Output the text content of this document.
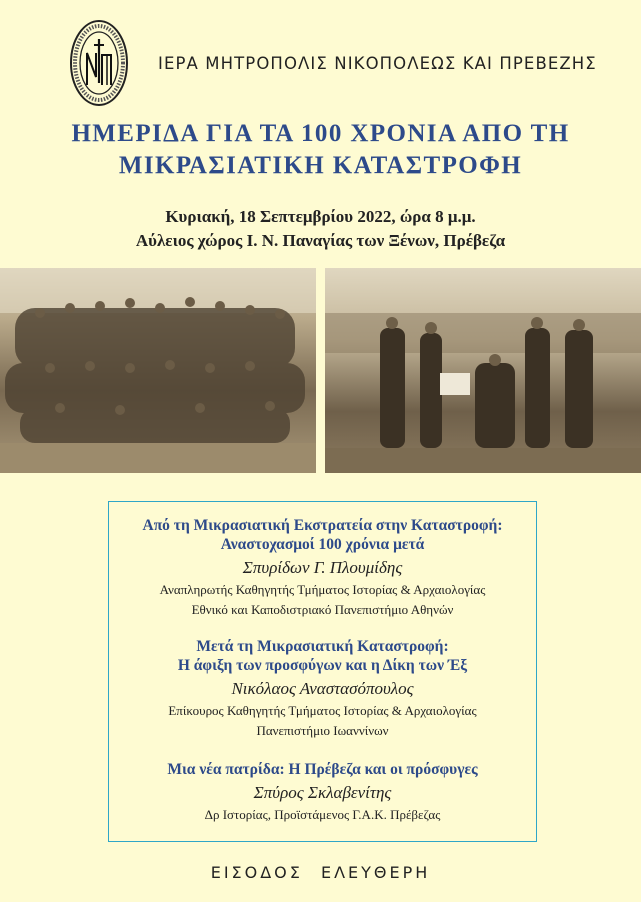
ΙΕΡΑ ΜΗΤΡΟΠΟΛΙΣ ΝΙΚΟΠΟΛΕΩΣ ΚΑΙ ΠΡΕΒΕΖΗΣ
ΗΜΕΡΙΔΑ ΓΙΑ ΤΑ 100 ΧΡΟΝΙΑ ΑΠΟ ΤΗ
ΜΙΚΡΑΣΙΑΤΙΚΗ ΚΑΤΑΣΤΡΟΦΗ
Κυριακή, 18 Σεπτεμβρίου 2022, ώρα 8 μ.μ.
Αύλειος χώρος Ι. Ν. Παναγίας των Ξένων, Πρέβεζα
Από τη Μικρασιατική Εκστρατεία στην Καταστροφή:
Αναστοχασμοί 100 χρόνια μετά
Σπυρίδων Γ. Πλουμίδης
Αναπληρωτής Καθηγητής Τμήματος Ιστορίας & Αρχαιολογίας
Εθνικό και Καποδιστριακό Πανεπιστήμιο Αθηνών
Μετά τη Μικρασιατική Καταστροφή:
Η άφιξη των προσφύγων και η Δίκη των Έξ
Νικόλαος Αναστασόπουλος
Επίκουρος Καθηγητής Τμήματος Ιστορίας & Αρχαιολογίας
Πανεπιστήμιο Ιωαννίνων
Μια νέα πατρίδα: Η Πρέβεζα και οι πρόσφυγες
Σπύρος Σκλαβενίτης
Δρ Ιστορίας, Προϊστάμενος Γ.Α.Κ. Πρέβεζας
ΕΙΣΟΔΟΣ ΕΛΕΥΘΕΡΗ
